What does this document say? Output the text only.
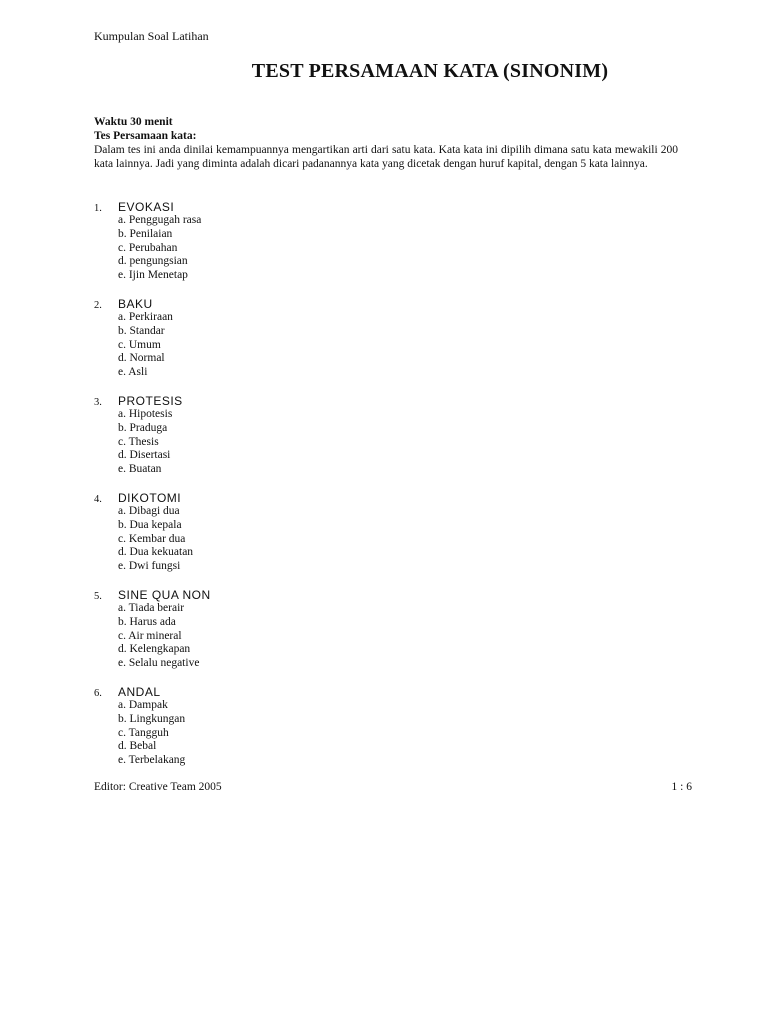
Kumpulan Soal Latihan
TEST PERSAMAAN KATA (SINONIM)
Waktu 30 menit
Tes Persamaan kata:
Dalam tes ini anda dinilai kemampuannya mengartikan arti dari satu kata. Kata kata ini dipilih dimana satu kata mewakili 200 kata lainnya. Jadi yang diminta adalah dicari padanannya kata yang dicetak dengan huruf kapital, dengan 5 kata lainnya.
1. EVOKASI
a. Penggugah rasa
b. Penilaian
c. Perubahan
d. pengungsian
e. Ijin Menetap
2. BAKU
a. Perkiraan
b. Standar
c. Umum
d. Normal
e. Asli
3. PROTESIS
a. Hipotesis
b. Praduga
c. Thesis
d. Disertasi
e. Buatan
4. DIKOTOMI
a. Dibagi dua
b. Dua kepala
c. Kembar dua
d. Dua kekuatan
e. Dwi fungsi
5. SINE QUA NON
a. Tiada berair
b. Harus ada
c. Air mineral
d. Kelengkapan
e. Selalu negative
6. ANDAL
a. Dampak
b. Lingkungan
c. Tangguh
d. Bebal
e. Terbelakang
Editor: Creative Team 2005	1 : 6
